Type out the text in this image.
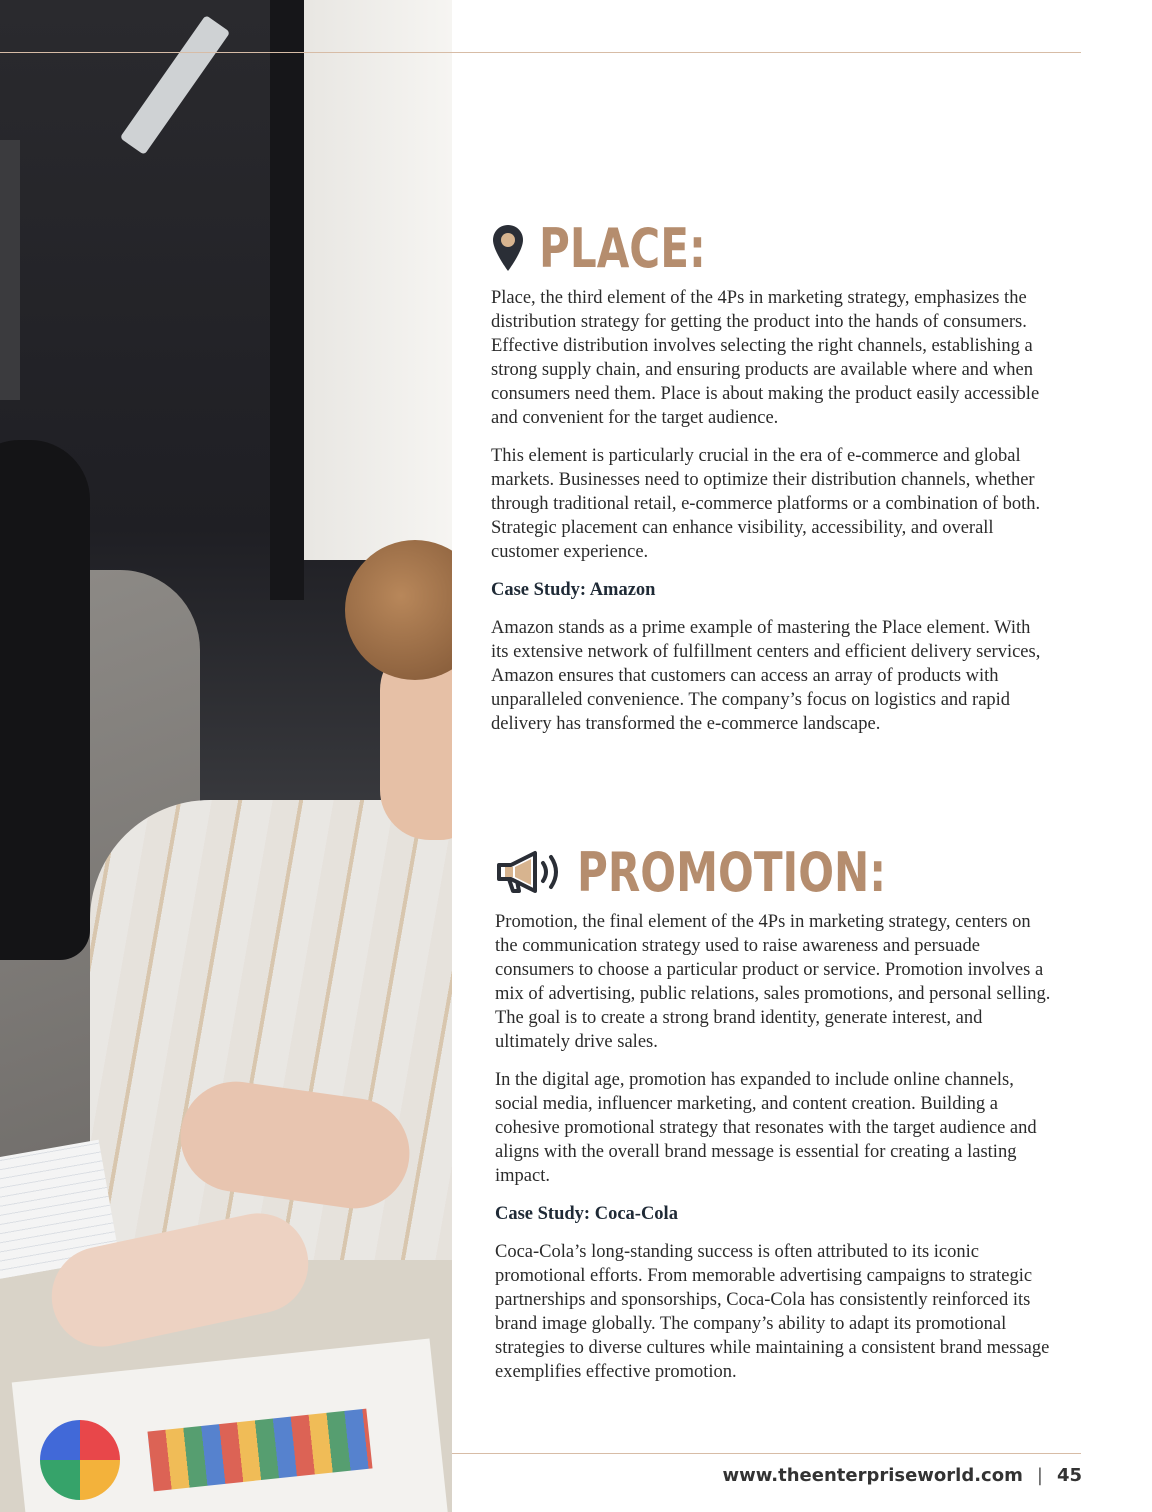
PLACE:

Place, the third element of the 4Ps in marketing strategy, emphasizes the distribution strategy for getting the product into the hands of consumers. Effective distribution involves selecting the right channels, establishing a strong supply chain, and ensuring products are available where and when consumers need them. Place is about making the product easily accessible and convenient for the target audience.

This element is particularly crucial in the era of e-commerce and global markets. Businesses need to optimize their distribution channels, whether through traditional retail, e-commerce platforms or a combination of both. Strategic placement can enhance visibility, accessibility, and overall customer experience.

Case Study: Amazon

Amazon stands as a prime example of mastering the Place element. With its extensive network of fulfillment centers and efficient delivery services, Amazon ensures that customers can access an array of products with unparalleled convenience. The company’s focus on logistics and rapid delivery has transformed the e-commerce landscape.

PROMOTION:

Promotion, the final element of the 4Ps in marketing strategy, centers on the communication strategy used to raise awareness and persuade consumers to choose a particular product or service. Promotion involves a mix of advertising, public relations, sales promotions, and personal selling. The goal is to create a strong brand identity, generate interest, and ultimately drive sales.

In the digital age, promotion has expanded to include online channels, social media, influencer marketing, and content creation. Building a cohesive promotional strategy that resonates with the target audience and aligns with the overall brand message is essential for creating a lasting impact.

Case Study: Coca-Cola

Coca-Cola’s long-standing success is often attributed to its iconic promotional efforts. From memorable advertising campaigns to strategic partnerships and sponsorships, Coca-Cola has consistently reinforced its brand image globally. The company’s ability to adapt its promotional strategies to diverse cultures while maintaining a consistent brand message exemplifies effective promotion.

www.theenterpriseworld.com | 45
